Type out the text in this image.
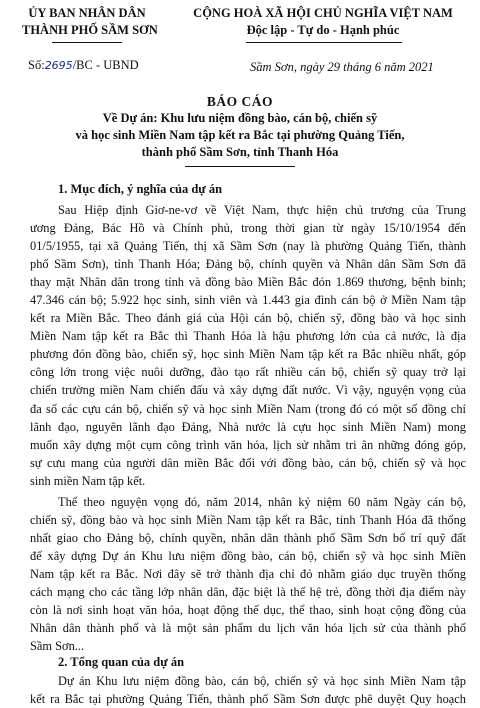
ỦY BAN NHÂN DÂN
THÀNH PHỐ SẦM SƠN
CỘNG HOÀ XÃ HỘI CHỦ NGHĨA VIỆT NAM
Độc lập - Tự do - Hạnh phúc
Số:2695/BC - UBND	Sầm Sơn, ngày 29 tháng 6 năm 2021
BÁO CÁO
Về Dự án: Khu lưu niệm đồng bào, cán bộ, chiến sỹ
và học sinh Miền Nam tập kết ra Bắc tại phường Quảng Tiến,
thành phố Sầm Sơn, tỉnh Thanh Hóa
1. Mục đích, ý nghĩa của dự án
Sau Hiệp định Giơ-ne-vơ về Việt Nam, thực hiện chủ trương của Trung
ương Đảng, Bác Hồ và Chính phủ, trong thời gian từ ngày 15/10/1954 đến
01/5/1955, tại xã Quảng Tiến, thị xã Sầm Sơn (nay là phường Quảng Tiến, thành
phố Sầm Sơn), tỉnh Thanh Hóa; Đảng bộ, chính quyền và Nhân dân Sầm Sơn đã
thay mặt Nhân dân trong tỉnh và đồng bào Miền Bắc đón 1.869 thương, bệnh binh;
47.346 cán bộ; 5.922 học sinh, sinh viên và 1.443 gia đình cán bộ ở Miền Nam tập
kết ra Miền Bắc. Theo đánh giá của Hội cán bộ, chiến sỹ, đồng bào và học sinh
Miền Nam tập kết ra Bắc thì Thanh Hóa là hậu phương lớn của cả nước, là địa
phương đón đồng bào, chiến sỹ, học sinh Miền Nam tập kết ra Bắc nhiều nhất, góp
công lớn trong việc nuôi dưỡng, đào tạo rất nhiều cán bộ, chiến sỹ quay trở lại
chiến trường miền Nam chiến đấu và xây dựng đất nước. Vì vậy, nguyện vọng của
đa số các cựu cán bộ, chiến sỹ và học sinh Miền Nam (trong đó có một số đồng chí
lãnh đạo, nguyên lãnh đạo Đảng, Nhà nước là cựu học sinh Miền Nam) mong
muốn xây dựng một cụm công trình văn hóa, lịch sử nhằm tri ân những đóng góp,
sự cưu mang của người dân miền Bắc đối với đồng bào, cán bộ, chiến sỹ và học
sinh miền Nam tập kết.
Thể theo nguyện vọng đó, năm 2014, nhân kỷ niệm 60 năm Ngày cán bộ,
chiến sỹ, đồng bào và học sinh Miền Nam tập kết ra Bắc, tỉnh Thanh Hóa đã thống
nhất giao cho Đảng bộ, chính quyền, nhân dân thành phố Sầm Sơn bố trí quỹ đất
để xây dựng Dự án Khu lưu niệm đồng bào, cán bộ, chiến sỹ và học sinh Miền
Nam tập kết ra Bắc. Nơi đây sẽ trở thành địa chỉ đỏ nhằm giáo dục truyền thống
cách mạng cho các tầng lớp nhân dân, đặc biệt là thế hệ trẻ, đồng thời địa điểm này
còn là nơi sinh hoạt văn hóa, hoạt động thể dục, thể thao, sinh hoạt cộng đồng của
Nhân dân thành phố và là một sản phẩm du lịch văn hóa lịch sử của thành phố
Sầm Sơn...
2. Tổng quan của dự án
Dự án Khu lưu niệm đồng bào, cán bộ, chiến sỹ và học sinh Miền Nam tập
kết ra Bắc tại phường Quảng Tiến, thành phố Sầm Sơn được phê duyệt Quy hoạch
